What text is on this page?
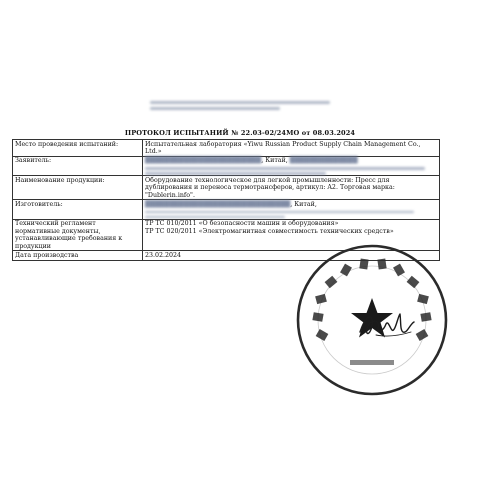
ПРОТОКОЛ ИСПЫТАНИЙ № 22.03-02/24МО от 08.03.2024
Место проведения испытаний:	Испытательная лаборатория «Yiwu Russian Product Supply Chain Management Co., Ltd.»
Заявитель:	████████████████████████, Китай, ██████████████

Наименование продукции:	Оборудование технологическое для легкой промышленности: Пресс для дублирования и переноса термотрансферов, артикул: A2. Торговая марка: "Dublerin.info".
Изготовитель:	██████████████████████████████, Китай,

Технический регламент нормативные документы, устанавливающие требования к продукции	ТР ТС 010/2011 «О безопасности машин и оборудования»
ТР ТС 020/2011 «Электромагнитная совместимость технических средств»

Дата производства	23.02.2024
